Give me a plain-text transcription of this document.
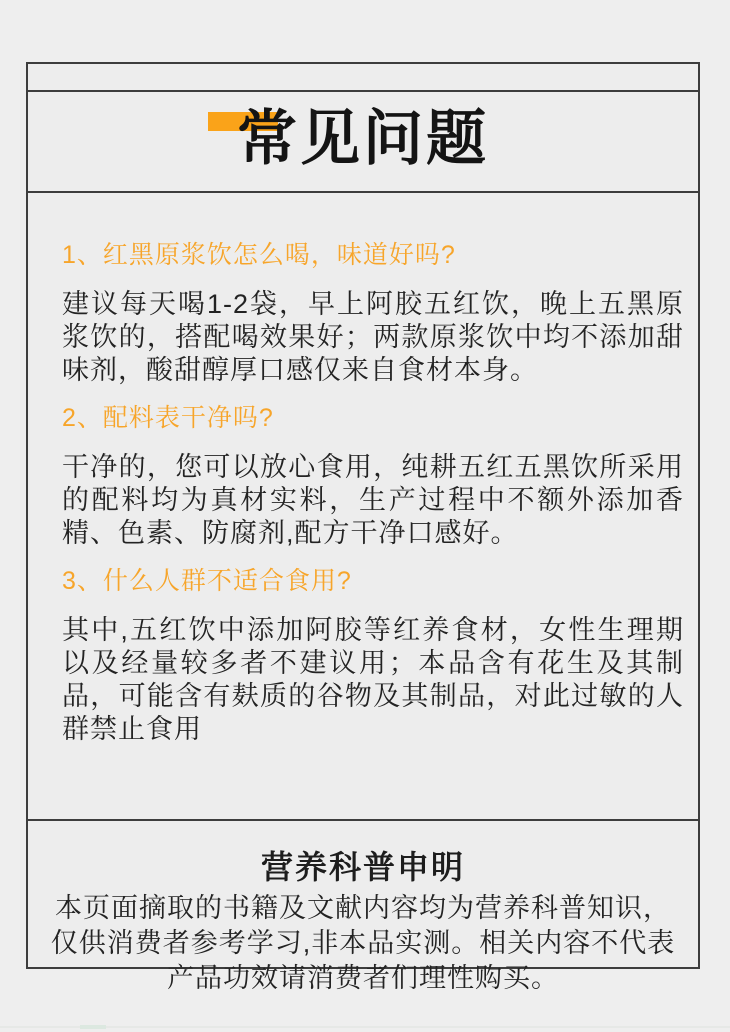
常见问题

1、红黑原浆饮怎么喝，味道好吗?

建议每天喝1-2袋，早上阿胶五红饮，晚上五黑原浆饮的，搭配喝效果好；两款原浆饮中均不添加甜味剂，酸甜醇厚口感仅来自食材本身。

2、配料表干净吗?

干净的，您可以放心食用，纯耕五红五黑饮所采用的配料均为真材实料，生产过程中不额外添加香精、色素、防腐剂,配方干净口感好。

3、什么人群不适合食用?

其中,五红饮中添加阿胶等红养食材，女性生理期以及经量较多者不建议用；本品含有花生及其制品，可能含有麸质的谷物及其制品，对此过敏的人群禁止食用

营养科普申明

本页面摘取的书籍及文献内容均为营养科普知识，仅供消费者参考学习,非本品实测。相关内容不代表产品功效请消费者们理性购买。
